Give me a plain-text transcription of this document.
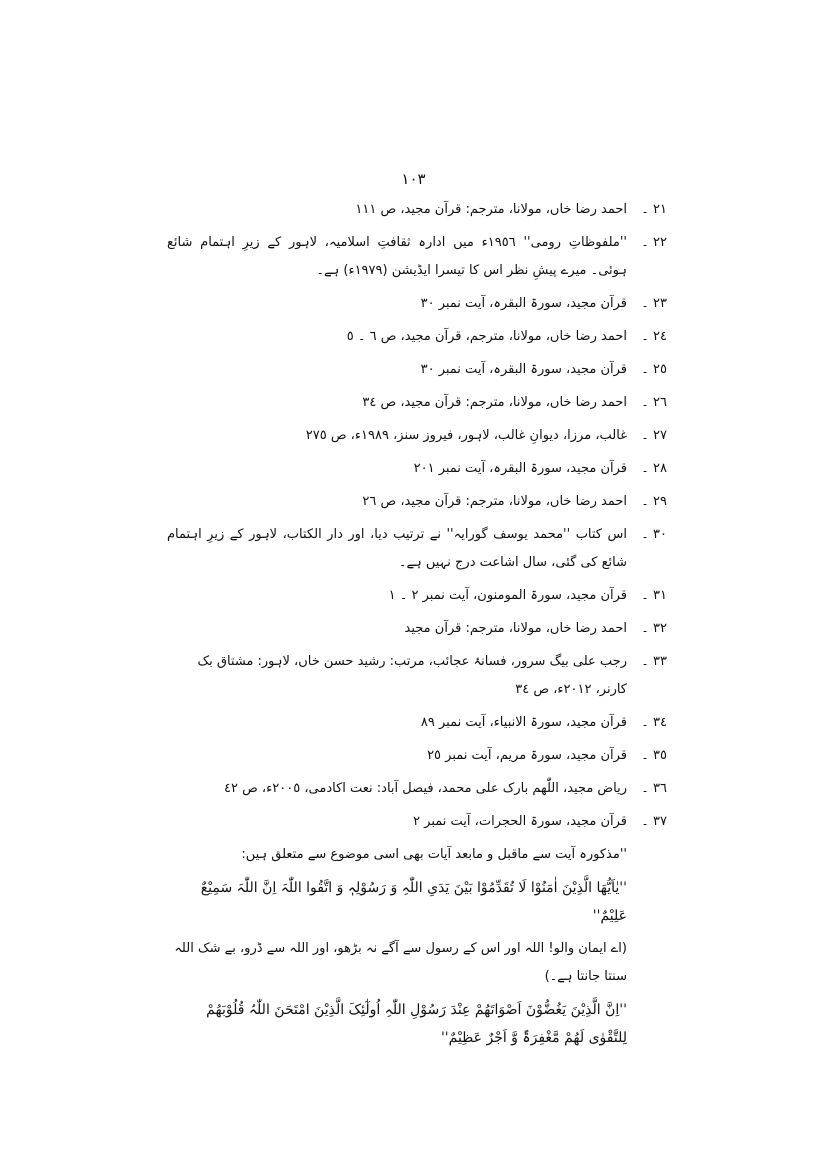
١٠٣
٢١ ۔
احمد رضا خاں، مولانا، مترجم: قرآن مجید، ص ١١١
٢٢ ۔
''ملفوظاتِ رومی'' ١٩٥٦ء میں ادارہ ثقافتِ اسلامیہ، لاہور کے زیرِ اہتمام شائع ہوئی۔ میرے پیشِ نظر اس کا تیسرا ایڈیشن (١٩٧٩ء) ہے۔
٢٣ ۔
قرآن مجید، سورۃ البقرہ، آیت نمبر ٣٠
٢٤ ۔
احمد رضا خاں، مولانا، مترجم، قرآن مجید، ص ٦ ۔ ٥
٢٥ ۔
قرآن مجید، سورۃ البقرہ، آیت نمبر ٣٠
٢٦ ۔
احمد رضا خاں، مولانا، مترجم: قرآن مجید، ص ٣٤
٢٧ ۔
غالب، مرزا، دیوانِ غالب، لاہور، فیروز سنز، ١٩٨٩ء، ص ٢٧٥
٢٨ ۔
قرآن مجید، سورۃ البقرہ، آیت نمبر ٢٠١
٢٩ ۔
احمد رضا خاں، مولانا، مترجم: قرآن مجید، ص ٢٦
٣٠ ۔
اس کتاب ''محمد یوسف گورایہ'' نے ترتیب دیا، اور دار الکتاب، لاہور کے زیرِ اہتمام شائع کی گئی، سال اشاعت درج نہیں ہے۔
٣١ ۔
قرآن مجید، سورۃ المومنون، آیت نمبر ٢ ۔ ١
٣٢ ۔
احمد رضا خاں، مولانا، مترجم: قرآن مجید
٣٣ ۔
رجب علی بیگ سرور، فسانۂ عجائب، مرتب: رشید حسن خاں، لاہور: مشتاق بک کارنر، ٢٠١٢ء، ص ٣٤
٣٤ ۔
قرآن مجید، سورۃ الانبیاء، آیت نمبر ٨٩
٣٥ ۔
قرآن مجید، سورۃ مریم، آیت نمبر ٢٥
٣٦ ۔
ریاض مجید، اللّٰھم بارک علی محمد، فیصل آباد: نعت اکادمی، ٢٠٠٥ء، ص ٤٢
٣٧ ۔
قرآن مجید، سورۃ الحجرات، آیت نمبر ٢

''مذکورہ آیت سے ماقبل و مابعد آیات بھی اسی موضوع سے متعلق ہیں:

''یٰاَیُّھَا الَّذِیْنَ اٰمَنُوْا لَا تُقَدِّمُوْا بَیْنَ یَدَیِ اللّٰہِ وَ رَسُوْلِہٖ وَ اتَّقُوا اللّٰہَ اِنَّ اللّٰہَ سَمِیْعٌ عَلِیْمٌ''

(اے ایمان والو! اللہ اور اس کے رسول سے آگے نہ بڑھو، اور اللہ سے ڈرو، بے شک اللہ سنتا جانتا ہے۔)

''اِنَّ الَّذِیْنَ یَغُضُّوْنَ اَصْوَاتَھُمْ عِنْدَ رَسُوْلِ اللّٰہِ اُولٰٓئِکَ الَّذِیْنَ امْتَحَنَ اللّٰہُ قُلُوْبَھُمْ لِلتَّقْوٰی لَھُمْ مَّغْفِرَۃٌ وَّ اَجْرٌ عَظِیْمٌ''
